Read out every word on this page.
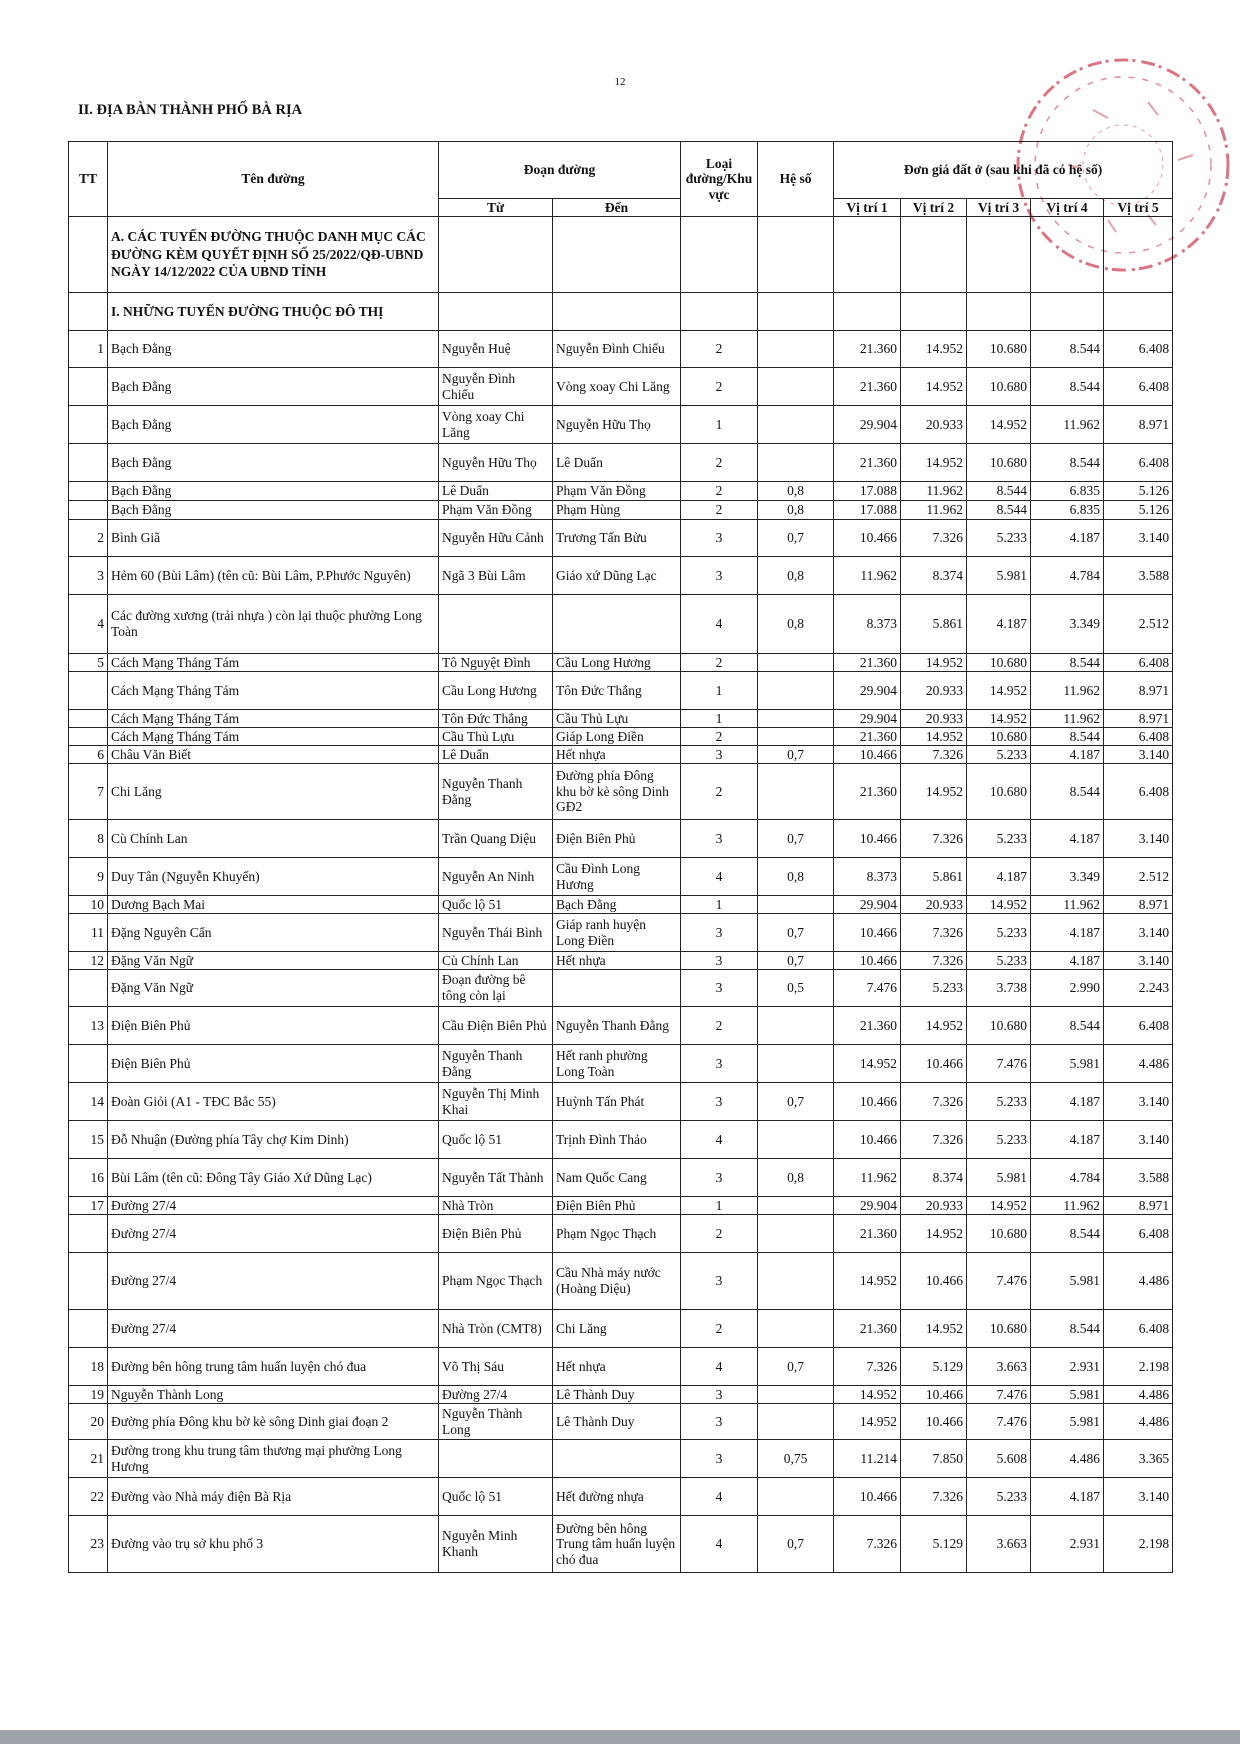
12
II. ĐỊA BÀN THÀNH PHỐ BÀ RỊA
TT	Tên đường	Đoạn đường		Loại đường/Khu vực	Hệ số	Đơn giá đất ở (sau khi đã có hệ số)				
		Từ	Đến			Vị trí 1	Vị trí 2	Vị trí 3	Vị trí 4	Vị trí 5
	A. CÁC TUYẾN ĐƯỜNG THUỘC DANH MỤC CÁC ĐƯỜNG KÈM QUYẾT ĐỊNH SỐ 25/2022/QĐ-UBND NGÀY 14/12/2022 CỦA UBND TỈNH									
	I. NHỮNG TUYẾN ĐƯỜNG THUỘC ĐÔ THỊ									
1	Bạch Đằng	Nguyễn Huệ	Nguyễn Đình Chiểu	2		21.360	14.952	10.680	8.544	6.408
	Bạch Đằng	Nguyễn Đình Chiểu	Vòng xoay Chi Lăng	2		21.360	14.952	10.680	8.544	6.408
	Bạch Đằng	Vòng xoay Chi Lăng	Nguyễn Hữu Thọ	1		29.904	20.933	14.952	11.962	8.971
	Bạch Đằng	Nguyễn Hữu Thọ	Lê Duẩn	2		21.360	14.952	10.680	8.544	6.408
	Bạch Đằng	Lê Duẩn	Phạm Văn Đồng	2	0,8	17.088	11.962	8.544	6.835	5.126
	Bạch Đằng	Phạm Văn Đồng	Phạm Hùng	2	0,8	17.088	11.962	8.544	6.835	5.126
2	Bình Giã	Nguyễn Hữu Cảnh	Trương Tấn Bửu	3	0,7	10.466	7.326	5.233	4.187	3.140
3	Hẻm 60 (Bùi Lâm) (tên cũ: Bùi Lâm, P.Phước Nguyên)	Ngã 3 Bùi Lâm	Giáo xứ Dũng Lạc	3	0,8	11.962	8.374	5.981	4.784	3.588
4	Các đường xương (trải nhựa ) còn lại thuộc phường Long Toàn			4	0,8	8.373	5.861	4.187	3.349	2.512
5	Cách Mạng Tháng Tám	Tô Nguyệt Đình	Cầu Long Hương	2		21.360	14.952	10.680	8.544	6.408
	Cách Mạng Tháng Tám	Cầu Long Hương	Tôn Đức Thắng	1		29.904	20.933	14.952	11.962	8.971
	Cách Mạng Tháng Tám	Tôn Đức Thắng	Cầu Thủ Lựu	1		29.904	20.933	14.952	11.962	8.971
	Cách Mạng Tháng Tám	Cầu Thủ Lựu	Giáp Long Điền	2		21.360	14.952	10.680	8.544	6.408
6	Châu Văn Biết	Lê Duẩn	Hết nhựa	3	0,7	10.466	7.326	5.233	4.187	3.140
7	Chi Lăng	Nguyễn Thanh Đằng	Đường phía Đông khu bờ kè sông Dinh GĐ2	2		21.360	14.952	10.680	8.544	6.408
8	Cù Chính Lan	Trần Quang Diệu	Điện Biên Phủ	3	0,7	10.466	7.326	5.233	4.187	3.140
9	Duy Tân (Nguyễn Khuyến)	Nguyễn An Ninh	Cầu Đình Long Hương	4	0,8	8.373	5.861	4.187	3.349	2.512
10	Dương Bạch Mai	Quốc lộ 51	Bạch Đằng	1		29.904	20.933	14.952	11.962	8.971
11	Đặng Nguyên Cẩn	Nguyễn Thái Bình	Giáp ranh huyện Long Điền	3	0,7	10.466	7.326	5.233	4.187	3.140
12	Đặng Văn Ngữ	Cù Chính Lan	Hết nhựa	3	0,7	10.466	7.326	5.233	4.187	3.140
	Đặng Văn Ngữ	Đoạn đường bê tông còn lại		3	0,5	7.476	5.233	3.738	2.990	2.243
13	Điện Biên Phủ	Cầu Điện Biên Phủ	Nguyễn Thanh Đằng	2		21.360	14.952	10.680	8.544	6.408
	Điện Biên Phủ	Nguyễn Thanh Đằng	Hết ranh phường Long Toàn	3		14.952	10.466	7.476	5.981	4.486
14	Đoàn Giỏi (A1 - TĐC Bắc 55)	Nguyễn Thị Minh Khai	Huỳnh Tấn Phát	3	0,7	10.466	7.326	5.233	4.187	3.140
15	Đỗ Nhuận (Đường phía Tây chợ Kim Dinh)	Quốc lộ 51	Trịnh Đình Thảo	4		10.466	7.326	5.233	4.187	3.140
16	Bùi Lâm (tên cũ: Đông Tây Giáo Xứ Dũng Lạc)	Nguyễn Tất Thành	Nam Quốc Cang	3	0,8	11.962	8.374	5.981	4.784	3.588
17	Đường 27/4	Nhà Tròn	Điện Biên Phủ	1		29.904	20.933	14.952	11.962	8.971
	Đường 27/4	Điện Biên Phủ	Phạm Ngọc Thạch	2		21.360	14.952	10.680	8.544	6.408
	Đường 27/4	Phạm Ngọc Thạch	Cầu Nhà máy nước (Hoàng Diệu)	3		14.952	10.466	7.476	5.981	4.486
	Đường 27/4	Nhà Tròn (CMT8)	Chi Lăng	2		21.360	14.952	10.680	8.544	6.408
18	Đường bên hông trung tâm huấn luyện chó đua	Võ Thị Sáu	Hết nhựa	4	0,7	7.326	5.129	3.663	2.931	2.198
19	Nguyễn Thành Long	Đường 27/4	Lê Thành Duy	3		14.952	10.466	7.476	5.981	4.486
20	Đường phía Đông khu bờ kè sông Dinh giai đoạn 2	Nguyễn Thành Long	Lê Thành Duy	3		14.952	10.466	7.476	5.981	4.486
21	Đường trong khu trung tâm thương mại phường Long Hương			3	0,75	11.214	7.850	5.608	4.486	3.365
22	Đường vào Nhà máy điện Bà Rịa	Quốc lộ 51	Hết đường nhựa	4		10.466	7.326	5.233	4.187	3.140
23	Đường vào trụ sở khu phố 3	Nguyễn Minh Khanh	Đường bên hông Trung tâm huấn luyện chó đua	4	0,7	7.326	5.129	3.663	2.931	2.198
